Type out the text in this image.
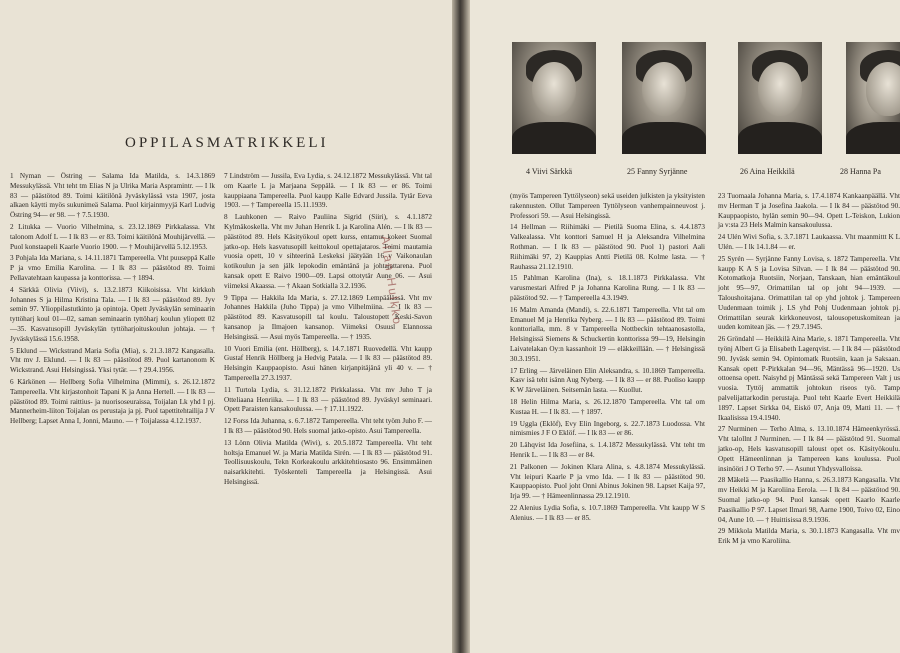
OPPILASMATRIKKELI

1 Nyman — Östring — Salama Ida Matilda, s. 14.3.1869 Messukylässä. Vht teht tm Elias N ja Ulrika Maria Aspramintr. — I lk 83 — päästötod 89. Toimi käitilönä Jyväskylässä vsta 1907, josta alkaen käytti myös sukunimeä Salama. Puol kirjainmyyjä Karl Ludvig Östring 94— er 98. — † 7.5.1930.

2 Litukka — Vuorio Vilhelmina, s. 23.12.1869 Pirkkalassa. Vht talonom Adolf L — I lk 83 — er 83. Toimi käitilönä Mouhijärvellä. — Puol konstaapeli Kaarle Vuorio 1900. — † Mouhijärvellä 5.12.1953.

3 Pohjala Ida Mariana, s. 14.11.1871 Tampereella. Vht puuseppä Kalle P ja vmo Emilia Karolina. — I lk 83 — päästötod 89. Toimi Pellavatehtaan kaupassa ja konttorissa. — † 1894.

4 Särkkä Olivia (Viivi), s. 13.2.1873 Kiikoisissa. Vht kirkkoh Johannes S ja Hilma Kristina Tala. — I lk 83 — päästötod 89. Jyv semin 97. Ylioppilastutkinto ja opintoja. Opett Jyväskylän seminaarin tyttöharj koul 01—02, saman seminaarin tyttöharj koulun yliopett 02—35. Kasvatusopill Jyväskylän tyttöharjoituskoulun johtaja. — † Jyväskylässä 15.6.1958.

5 Eklund — Wickstrand Maria Sofia (Mia), s. 21.3.1872 Kangasalla. Vht mv J. Eklund. — I lk 83 — päästötod 89. Puol kartanonom K Wickstrand. Asui Helsingissä. Yksi tytär. — † 29.4.1956.

6 Kärkönen — Hellberg Sofia Vilhelmina (Mimmi), s. 26.12.1872 Tampereella. Vht kirjastonhoit Tapani K ja Anna Hertell. — I lk 83 — päästötod 89. Toimi raittius- ja nuorisoseuraissa, Toijalan Lk yhd I pj. Mannerheim-liiton Toijalan os perustaja ja pj. Puol tapettitehtailija J V Hellberg; Lapset Anna I, Jonni, Mauno. — † Toijalassa 4.12.1937.

7 Lindström — Jussila, Eva Lydia, s. 24.12.1872 Messukylässä. Vht tal om Kaarle L ja Marjaana Seppälä. — I lk 83 — er 86. Toimi kauppiaana Tampereella. Puol kaupp Kalle Edvard Jussila. Tytär Eeva 1903. — † Tampereella 15.11.1939.

8 Lauhkonen — Raivo Pauliina Sigrid (Siiri), s. 4.1.1872 Kylmäkoskella. Vht mv Juhan Henrik L ja Karolina Alén. — I lk 83 — päästötod 89. Hels Käsityökoul opett kurss, entamut kokeet Suomal jatko-op. Hels kasvatusopill keittokoul opettajataros. Toimi mautamia vuosia opett, 10 v sihteerinä Leskeksi jäätyään 16 v Vaikonaulan kotikoulun ja sen jälk lepokodin emäntänä ja johtajattarena. Puol kansak opett E Raivo 1900—09. Lapsi ottotytär Aune 06. — Asui viimeksi Akaassa. — † Akaan Sotkialla 3.2.1936.

9 Tippa — Hakkila Ida Maria, s. 27.12.1869 Lempäälässä. Vht mv Johannes Hakkila (Juho Tippa) ja vmo Vilhelmiina. — I lk 83 — päästötod 89. Kasvatusopill tal koulu. Taloustopett Keski-Savon kansanop ja Ilmajoen kansanop. Viimeksi Osuusl Elannossa Helsingissä. — Asui myös Tampereella. — † 1935.

10 Vuori Emilia (ent. Höllberg), s. 14.7.1871 Ruovedellä. Vht kaupp Gustaf Henrik Höllberg ja Hedvig Patala. — I lk 83 — päästötod 89. Helsingin Kauppaopisto. Asui hänen kirjanpitäjänä yli 40 v. — † Tampereella 27.3.1937.

11 Turtola Lydia, s. 31.12.1872 Pirkkalassa. Vht mv Juho T ja Otteliaana Henriika. — I lk 83 — päästötod 89. Jyväskyl seminaari. Opett Paraisten kansakoulussa. — † 17.11.1922.

12 Forss Ida Juhanna, s. 6.7.1872 Tampereella. Vht teht työm Juho F. — I lk 83 — päästötod 90. Hels suomal jatko-opisto. Asui Tampereella.

13 Lönn Olivia Matilda (Wivi), s. 20.5.1872 Tampereella. Vht teht holtsja Emanuel W. ja Maria Matilda Sirén. — I lk 83 — päästötod 91. Teollisuuskoulu, Tekn Korkeakoulu arkkitehtiosasto 96. Ensimmäinen naisarkkitehti. Työskenteli Tampereella ja Helsingissä. Asui Helsingissä.

Allan Hulkko
4 Viivi Särkkä	25 Fanny Syrjänne	26 Aina Heikkilä	28 Hanna Pa

(myös Tampereen Tyttölyseon) sekä useiden julkisten ja yksityisten rakennusten. Ollut Tampereen Tyttölyseon vanhempainneuvost j. Professori 59. — Asui Helsingissä.

14 Hellman — Riihimäki — Pietilä Suoma Elina, s. 4.4.1873 Valkealassa. Vht konttori Samuel H ja Aleksandra Vilhelmina Rothman. — I lk 83 — päästötod 90. Puol 1) pastori Aali Riihimäki 97, 2) Kauppias Antti Pietilä 08. Kolme lasta. — † Rauhassa 21.12.1910.

15 Pahlman Karolina (Ina), s. 18.1.1873 Pirkkalassa. Vht varusmestari Alfred P ja Johanna Karolina Rung. — I lk 83 — päästötod 92. — † Tampereella 4.3.1949.

16 Malm Amanda (Mandi), s. 22.6.1871 Tampereella. Vht tal om Emanuel M ja Henrika Nyberg. — I lk 83 — päästötod 89. Toimi konttorialla, mm. 8 v Tampereella Nottbeckin tehtaanosastolla, Helsingissä Siemens & Schuckertin konttorissa 99—19, Helsingin Laivatelakan Oy:n kassanhoit 19 — eläkkeillään. — † Helsingissä 30.3.1951.

17 Erling — Järveläinen Elin Aleksandra, s. 10.1869 Tampereella. Kasv isä teht isänn Aug Nyberg. — I lk 83 — er 88. Puoliso kaupp K W Järveläinen. Seitsemän lasta. — Kuollut.

18 Helin Hilma Maria, s. 26.12.1870 Tampereella. Vht tal om Kustaa H. — I lk 83. — † 1897.

19 Ugglа (Eklöf), Evy Elin Ingeborg, s. 22.7.1873 Luodossa. Vht nimismies J F O Eklöf. — I lk 83 — er 86.

20 Lähqvist Ida Josefiina, s. 1.4.1872 Messukylässä. Vht teht tm Henrik L. — I lk 83 — er 84.

21 Palkonen — Jokinen Klara Alina, s. 4.8.1874 Messukylässä. Vht leipuri Kaarle P ja vmo Ida. — I lk 83 — päästötod 90. Kauppaopisto. Puol joht Onni Abinus Jokinen 98. Lapset Kaija 97, Irja 99. — † Hämeenlinnassa 29.12.1910.

22 Alenius Lydia Sofia, s. 10.7.1869 Tampereella. Vht kaupp W S Alenius. — I lk 83 — er 85.

23 Tuomaala Johanna Maria, s. 17.4.1874 Kankaanpäällä. Vht mv Herman T ja Josefina Jaakola. — I lk 84 — päästötod 90. Kauppaopisto, hylän semin 90—94. Opett L-Teiskon, Lukion ja v:sta 23 Hels Malmin kansakoulussa.

24 Ulén Wivi Sofia, s. 3.7.1871 Laukaassa. Vht maanmittt K L Ulén. — I lk 14.1.84 — er.

25 Syrén — Syrjänne Fanny Lovisa, s. 1872 Tampereella. Vht kaupp K A S ja Lovisa Silvan. — I lk 84 — päästötod 90. Kotomatkoja Ruotsiin, Norjaan, Tanskaan, hian emäntäkoul joht 95—97, Orimattilan tal op joht 94—1939. — Taloushoitajana. Orimattilan tal op yhd johtok j. Tampereen Uudenmaan toimik j. LS yhd Pohj Uudenmaan johtok pj. Orimattilan seurak kirkkoneuvost, talousopetuskomitean ja uuden komitean jäs. — † 29.7.1945.

26 Gröndahl — Heikkilä Aina Marie, s. 1871 Tampereella. Vht työnj Albert G ja Elisabeth Lagerqvist. — I lk 84 — päästötod 90. Jyväsk semin 94. Opintomatk Ruotsiin, kaan ja Saksaan. Kansak opett P-Pirkkalan 94—96, Mäntässä 96—1920. Us ottoensa opett. Naisyhd pj Mäntässä sekä Tampereen Valt j us vuosia. Tyttöj ammattik johtokun riseos työ. Tamp palvelijattarkodin perustaja. Puol teht Kaarle Evert Heikkilä 1897. Lapset Sirkka 04, Eiskö 07, Anja 09, Matti 11. — † Ikaalisissa 19.4.1940.

27 Nurminen — Terho Alma, s. 13.10.1874 Hämeenkyrössä. Vht talollnt J Nurminen. — I lk 84 — päästötod 91. Suomal jatko-op, Hels kasvatusopill taloust opet os. Käsityökoulu. Opett Hämeenlinnan ja Tampereen kans koulussa. Puol insinööri J O Terho 97. — Asunut Yhdysvalloissa.

28 Mäkelä — Paasikallio Hanna, s. 26.3.1873 Kangasalla. Vht mv Heikki M ja Karoliina Eerola. — I lk 84 — päästötod 90. Suomal jatko-op 94. Puol kansak opett Kaarlo Kaarle Paasikallio P 97. Lapset Ilmari 98, Aarne 1900, Toivo 02, Eino 04, Aune 10. — † Huittisissa 8.9.1936.

29 Mikkola Matilda Maria, s. 30.1.1873 Kangasalla. Vht mv Erik M ja vmo Karoliina.
